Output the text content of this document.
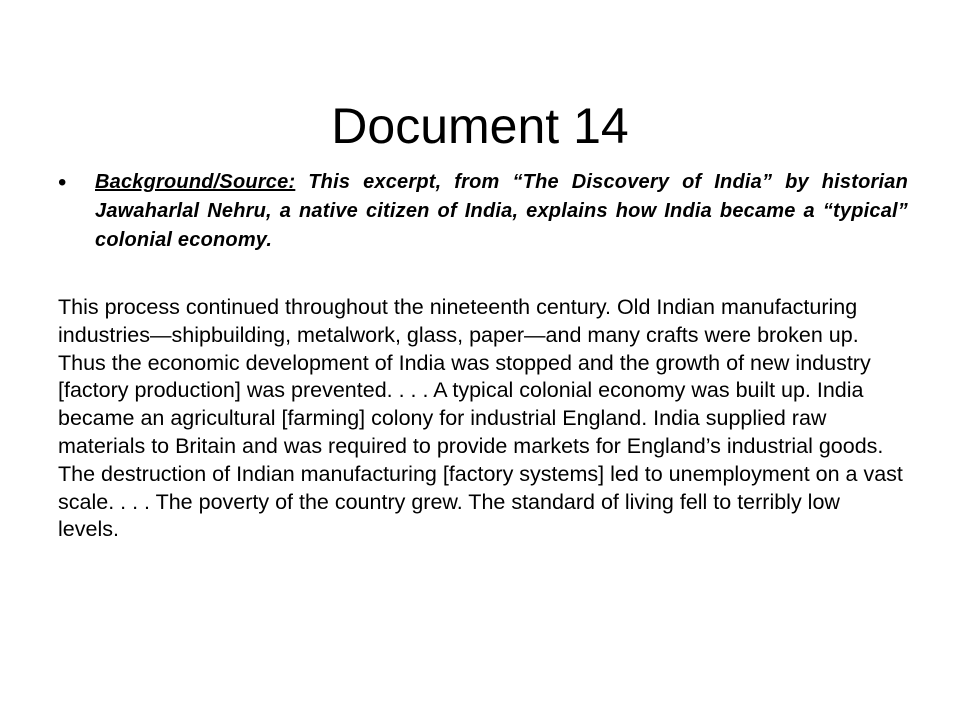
Document 14
•	Background/Source: This excerpt, from “The Discovery of India” by historian Jawaharlal Nehru, a native citizen of India, explains how India became a “typical” colonial economy.

This process continued throughout the nineteenth century. Old Indian manufacturing industries—shipbuilding, metalwork, glass, paper—and many crafts were broken up. Thus the economic development of India was stopped and the growth of new industry [factory production] was prevented. . . . A typical colonial economy was built up. India became an agricultural [farming] colony for industrial England. India supplied raw materials to Britain and was required to provide markets for England’s industrial goods. The destruction of Indian manufacturing [factory systems] led to unemployment on a vast scale. . . . The poverty of the country grew. The standard of living fell to terribly low levels.
